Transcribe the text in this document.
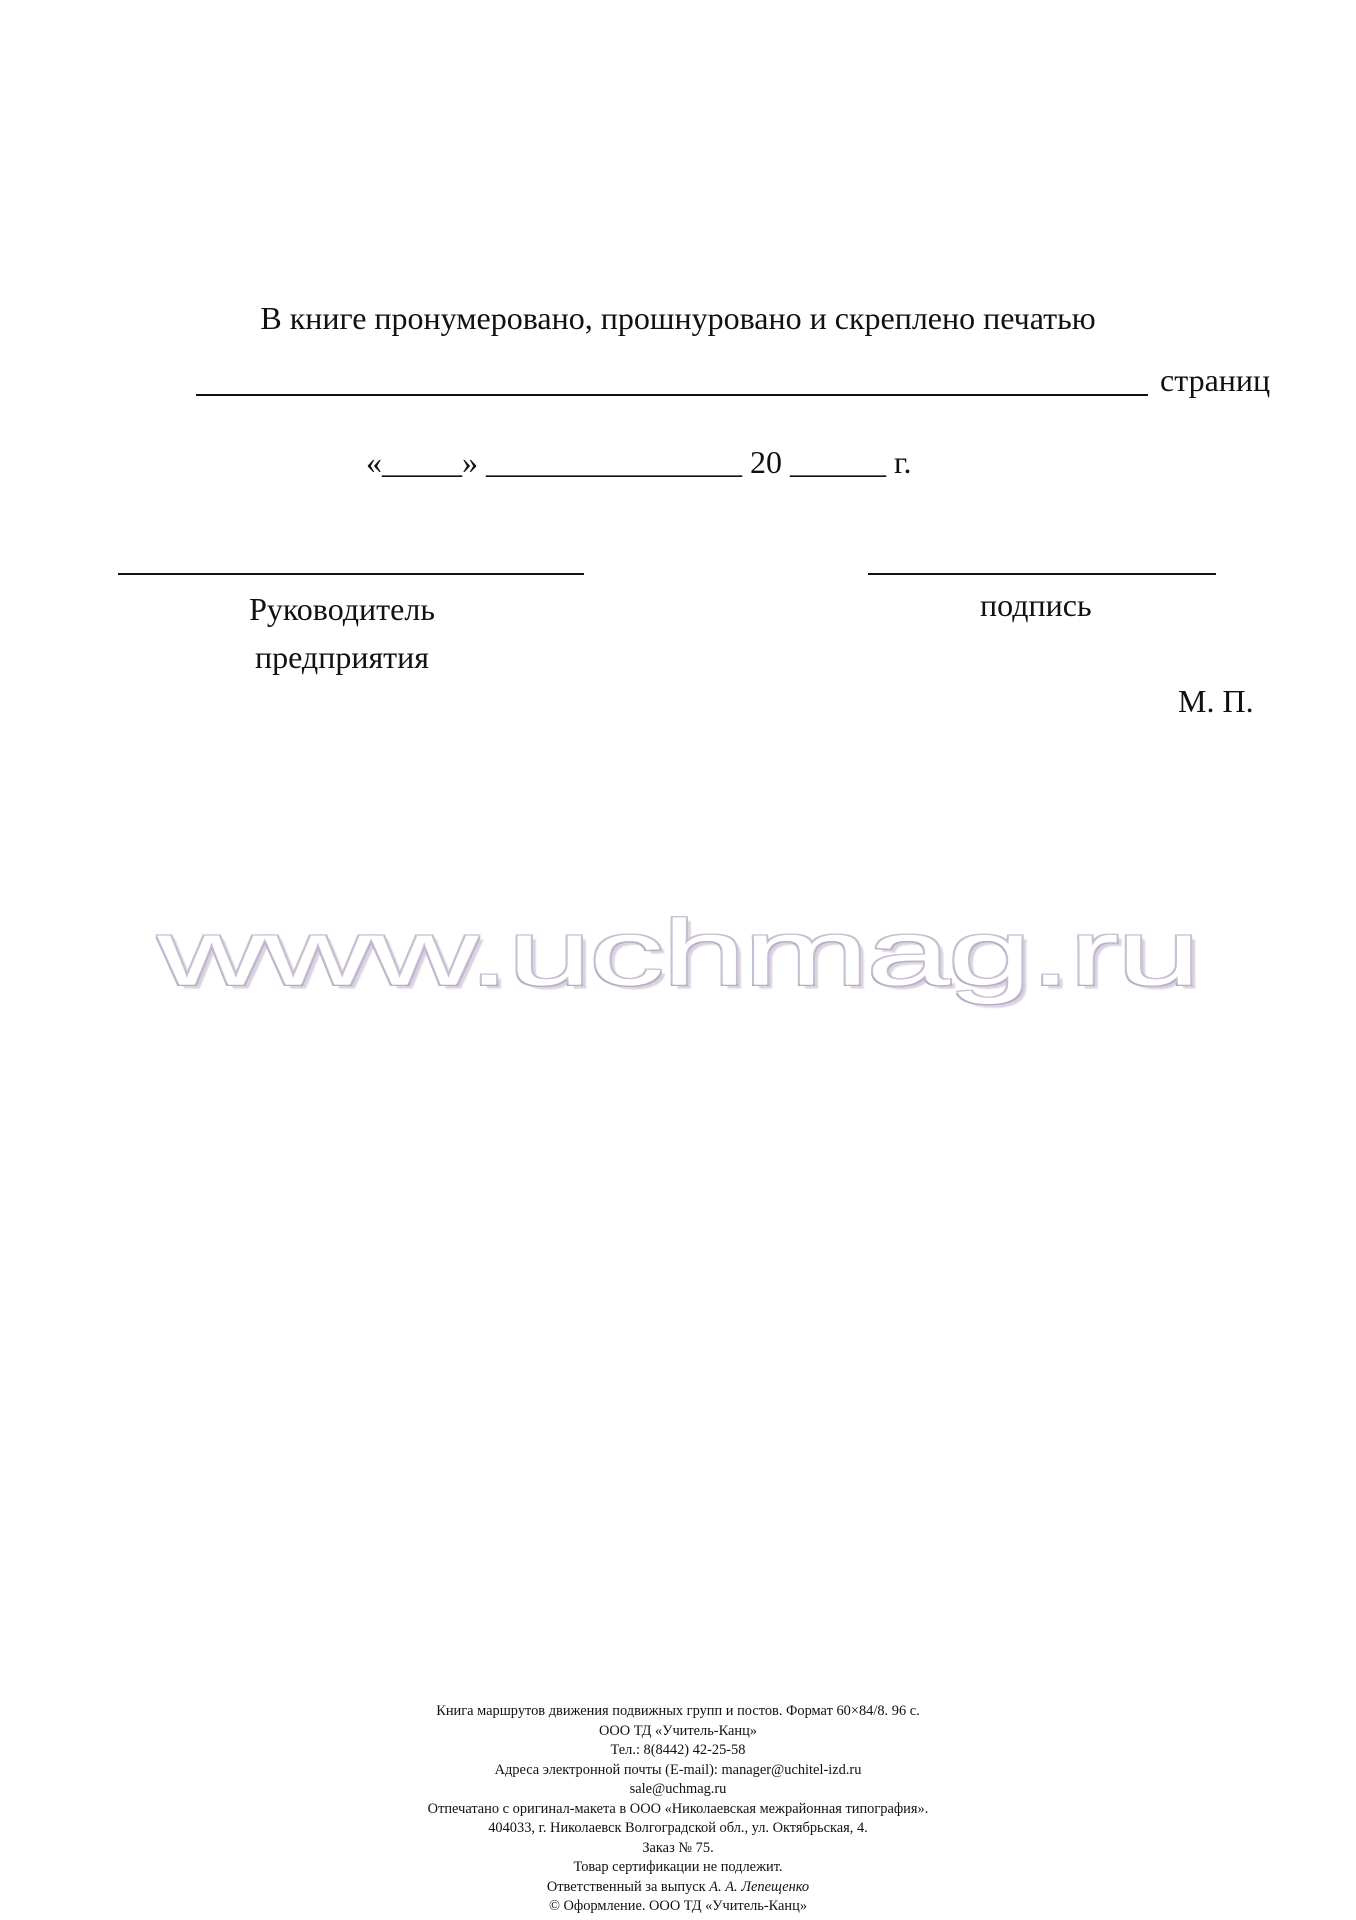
В книге пронумеровано, прошнуровано и скреплено печатью
страниц
«_____» ________________ 20 ______ г.
Руководитель предприятия
подпись
М. П.
www.uchmag.ru
Книга маршрутов движения подвижных групп и постов. Формат 60×84/8. 96 с.
ООО ТД «Учитель-Канц»
Тел.: 8(8442) 42-25-58
Адреса электронной почты (E-mail): manager@uchitel-izd.ru
sale@uchmag.ru
Отпечатано с оригинал-макета в ООО «Николаевская межрайонная типография».
404033, г. Николаевск Волгоградской обл., ул. Октябрьская, 4.
Заказ № 75.
Товар сертификации не подлежит.
Ответственный за выпуск А. А. Лепещенко
© Оформление. ООО ТД «Учитель-Канц»
